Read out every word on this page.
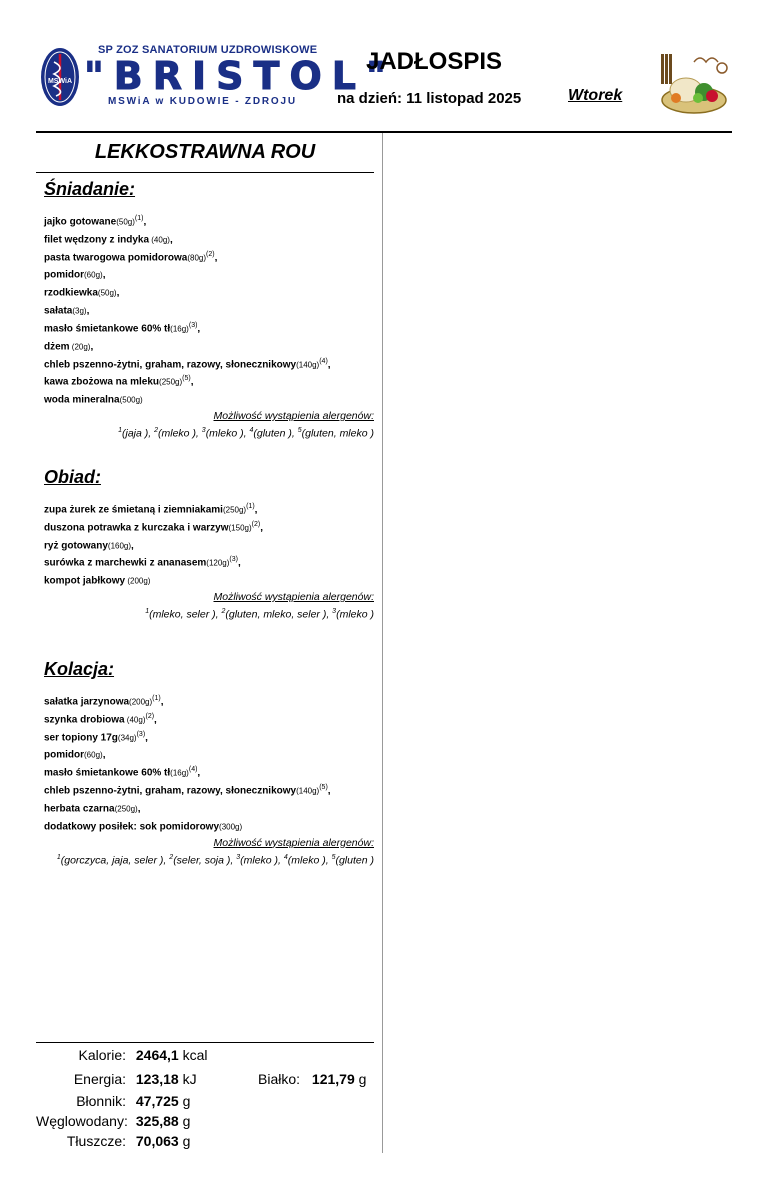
MSWiA
SP ZOZ SANATORIUM UZDROWISKOWE
"BRISTOL"
MSWiA w KUDOWIE - ZDROJU
JADŁOSPIS
na dzień: 11 listopad 2025	Wtorek
LEKKOSTRAWNA ROU
Śniadanie:
jajko $gotowane(50g)^{(1)}$,
filet wędzony z indyka (40g),
pasta twarogowa $pomidorowa(80g)^{(2)}$,
pomidor(60g),
rzodkiewka(50g),
sałata(3g),
masło śmietankowe 60% $tł(16g)^{(3)}$,
dżem (20g),
chleb pszenno-żytni, graham, razowy, $słonecznikowy(140g)^{(4)}$,
kawa zbożowa na $mleku(250g)^{(5)}$,
woda mineralna(500g)
Możliwość wystąpienia alergenów:
$^1$(jaja ), $^2$(mleko ), $^3$(mleko ), $^4$(gluten ), $^5$(gluten, mleko )
Obiad:
zupa żurek ze śmietaną i $ziemniakami(250g)^{(1)}$,
duszona potrawka z kurczaka i $warzyw(150g)^{(2)}$,
ryż gotowany(160g),
surówka z marchewki z $ananasem(120g)^{(3)}$,
kompot jabłkowy (200g)
Możliwość wystąpienia alergenów:
$^1$(mleko, seler ), $^2$(gluten, mleko, seler ), $^3$(mleko )
Kolacja:
sałatka $jarzynowa(200g)^{(1)}$,
szynka drobiowa $(40g)^{(2)}$,
ser topiony $17g(34g)^{(3)}$,
pomidor(60g),
masło śmietankowe 60% $tł(16g)^{(4)}$,
chleb pszenno-żytni, graham, razowy, $słonecznikowy(140g)^{(5)}$,
herbata czarna(250g),
dodatkowy posiłek: sok pomidorowy(300g)
Możliwość wystąpienia alergenów:
$^1$(gorczyca, jaja, seler ), $^2$(seler, soja ), $^3$(mleko ), $^4$(mleko ), $^5$(gluten )
Kalorie: 2464,1 kcal
Energia: 123,18 kJ	Białko: 121,79 g
Błonnik: 47,725 g
Węglowodany: 325,88 g
Tłuszcze: 70,063 g
